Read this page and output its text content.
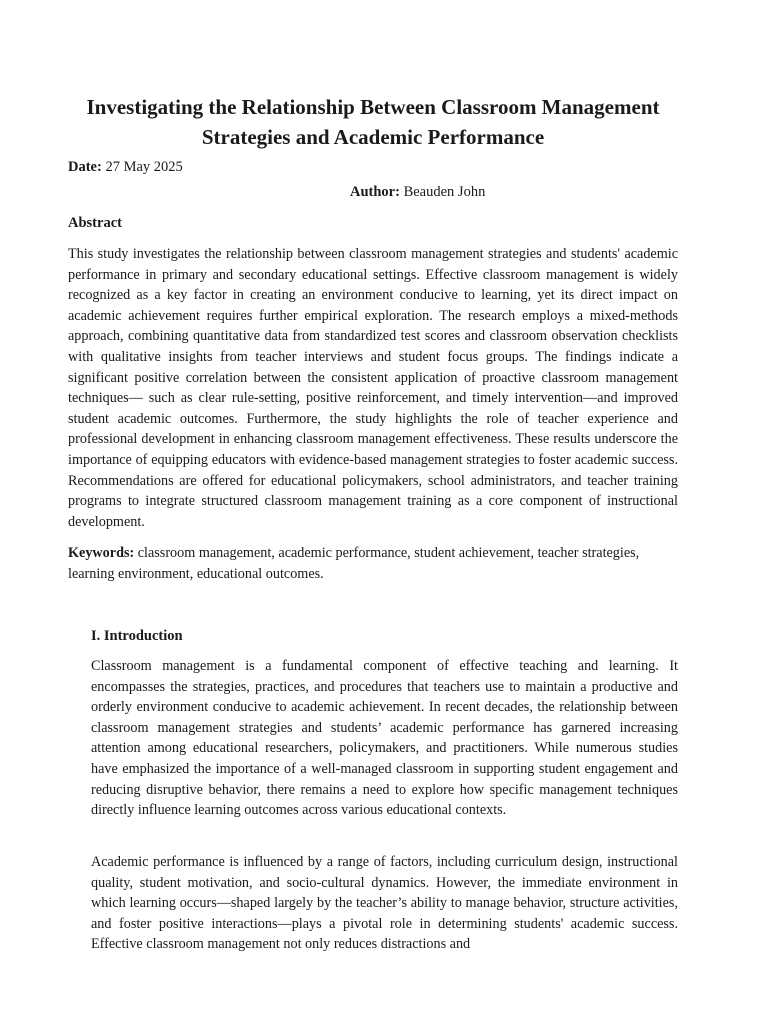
Investigating the Relationship Between Classroom Management Strategies and Academic Performance

Date: 27 May 2025

Author: Beauden John

Abstract

This study investigates the relationship between classroom management strategies and students' academic performance in primary and secondary educational settings. Effective classroom management is widely recognized as a key factor in creating an environment conducive to learning, yet its direct impact on academic achievement requires further empirical exploration. The research employs a mixed-methods approach, combining quantitative data from standardized test scores and classroom observation checklists with qualitative insights from teacher interviews and student focus groups. The findings indicate a significant positive correlation between the consistent application of proactive classroom management techniques— such as clear rule-setting, positive reinforcement, and timely intervention—and improved student academic outcomes. Furthermore, the study highlights the role of teacher experience and professional development in enhancing classroom management effectiveness. These results underscore the importance of equipping educators with evidence-based management strategies to foster academic success. Recommendations are offered for educational policymakers, school administrators, and teacher training programs to integrate structured classroom management training as a core component of instructional development.

Keywords: classroom management, academic performance, student achievement, teacher strategies, learning environment, educational outcomes.

I. Introduction

Classroom management is a fundamental component of effective teaching and learning. It encompasses the strategies, practices, and procedures that teachers use to maintain a productive and orderly environment conducive to academic achievement. In recent decades, the relationship between classroom management strategies and students’ academic performance has garnered increasing attention among educational researchers, policymakers, and practitioners. While numerous studies have emphasized the importance of a well-managed classroom in supporting student engagement and reducing disruptive behavior, there remains a need to explore how specific management techniques directly influence learning outcomes across various educational contexts.

Academic performance is influenced by a range of factors, including curriculum design, instructional quality, student motivation, and socio-cultural dynamics. However, the immediate environment in which learning occurs—shaped largely by the teacher’s ability to manage behavior, structure activities, and foster positive interactions—plays a pivotal role in determining students' academic success. Effective classroom management not only reduces distractions and
